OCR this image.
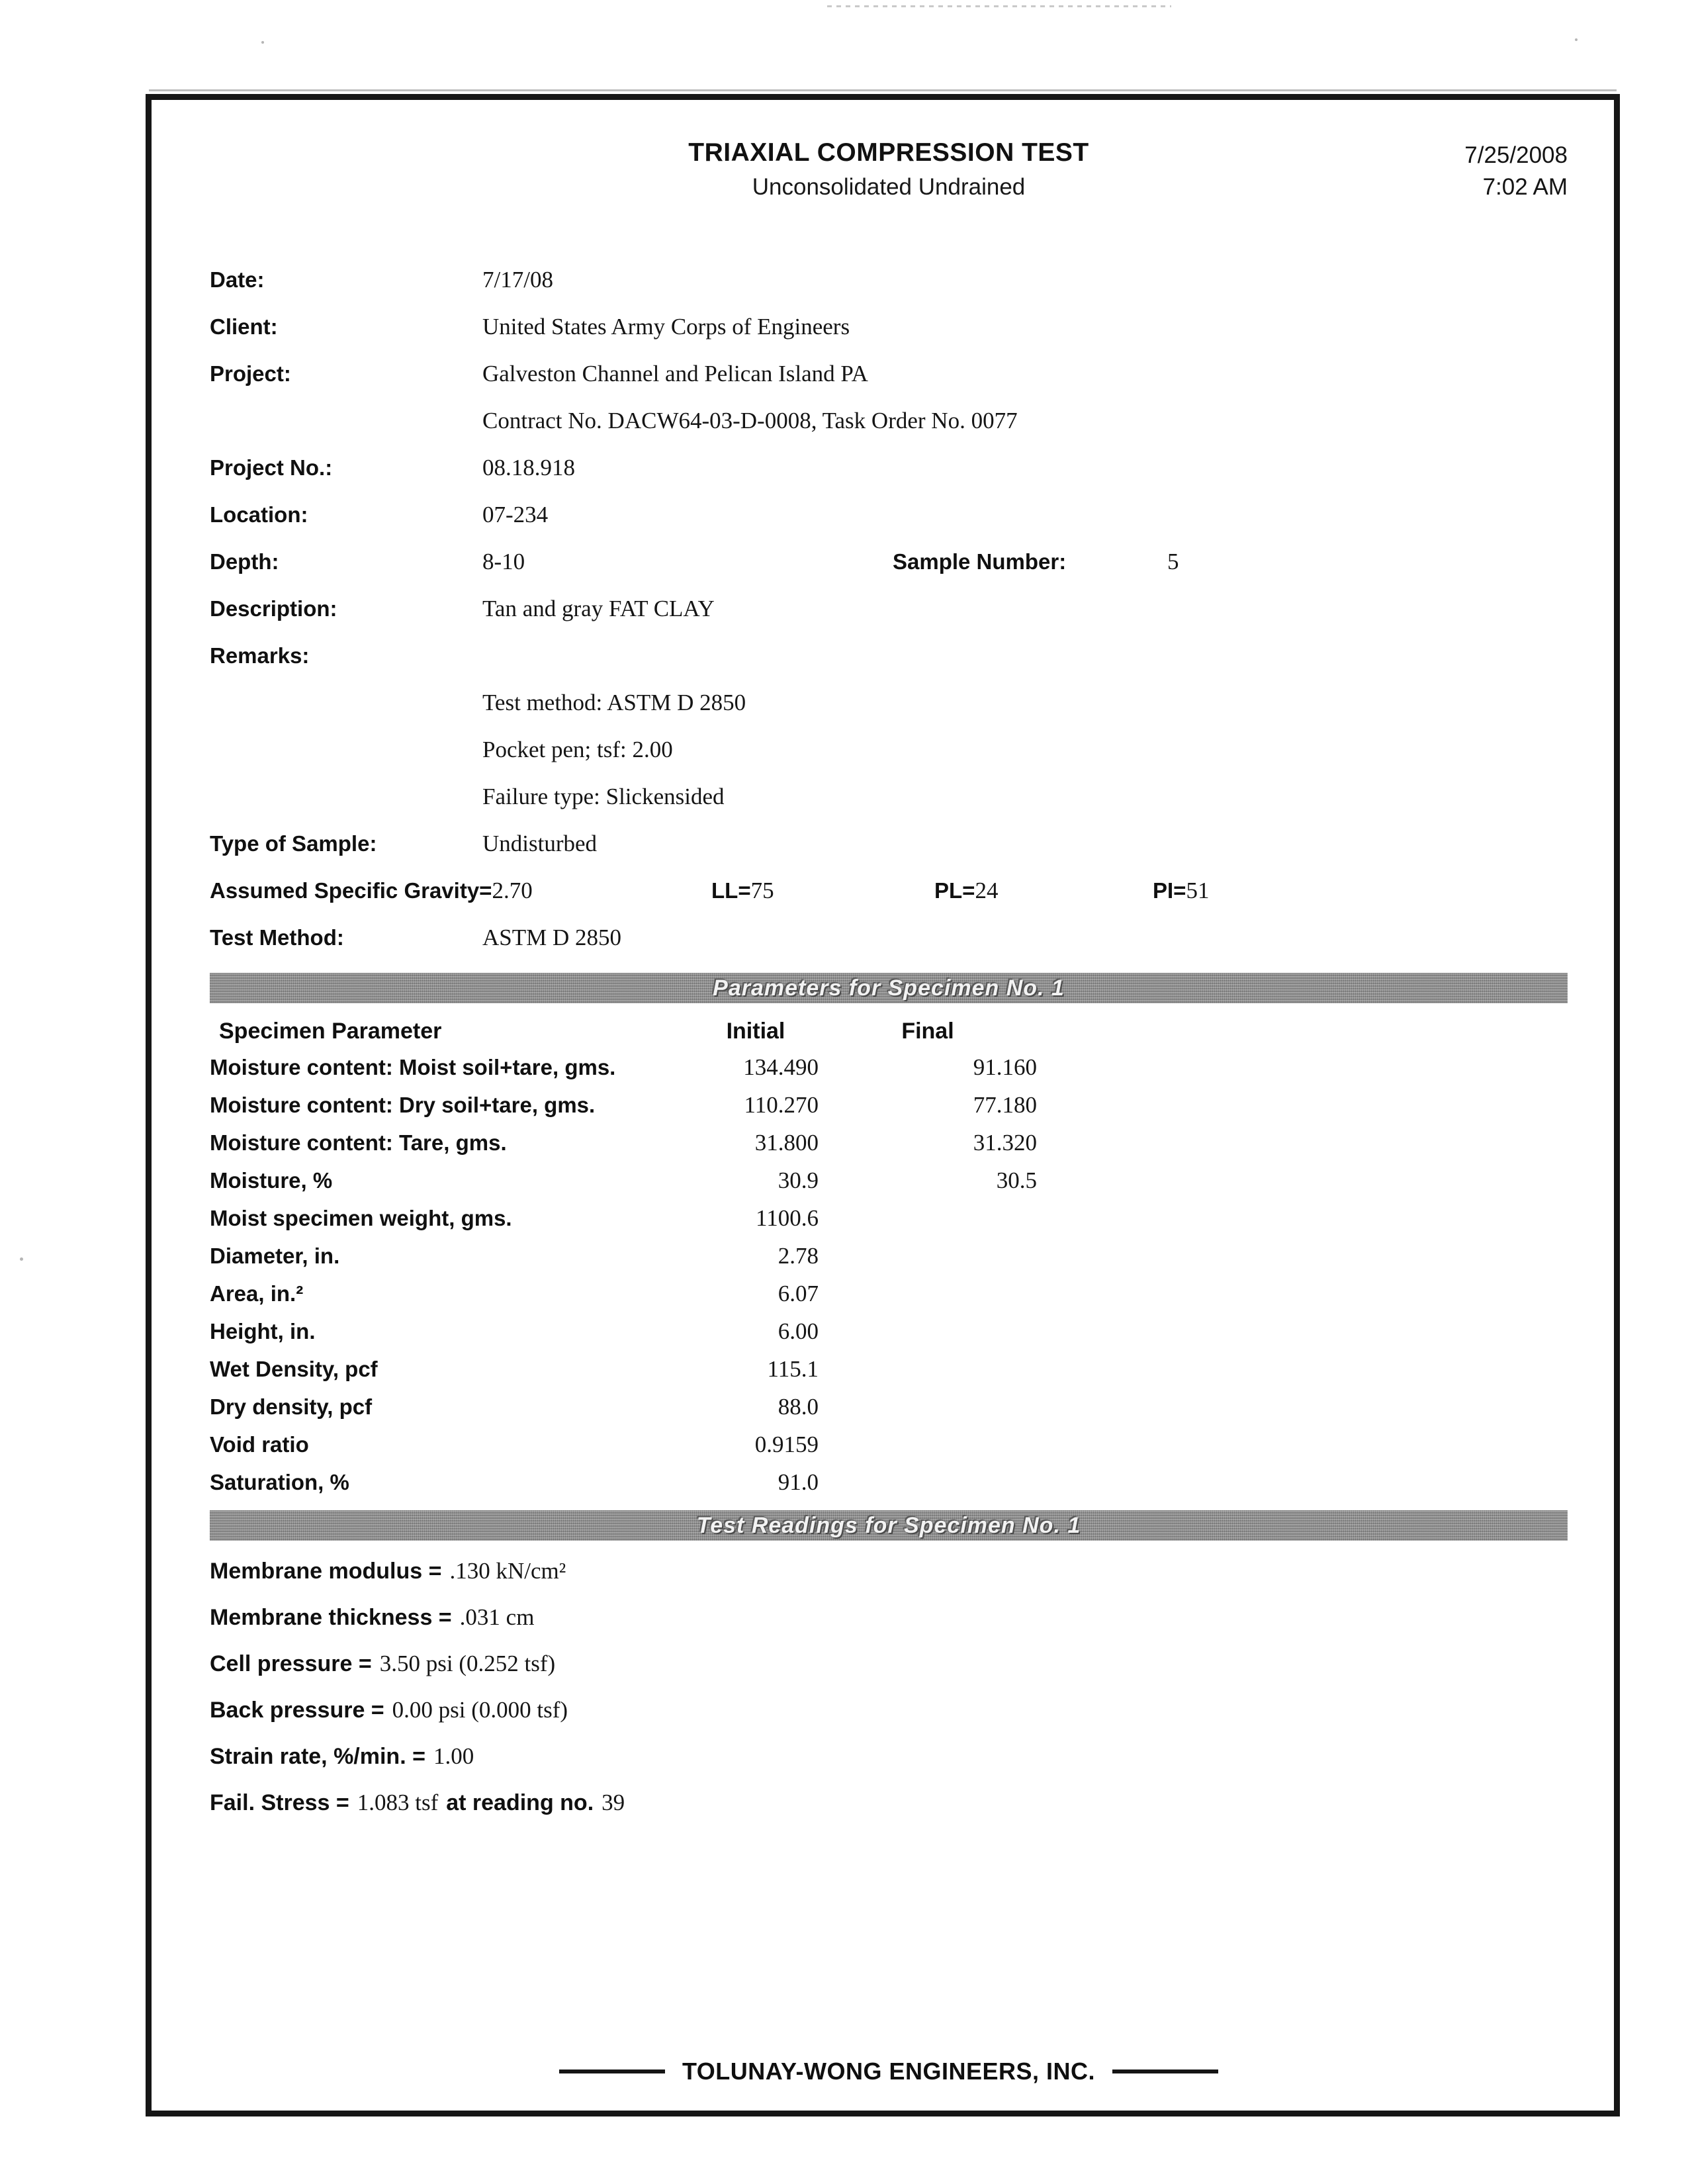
TRIAXIAL COMPRESSION TEST
Unconsolidated Undrained
7/25/2008
7:02 AM
Date:	7/17/08
Client:	United States Army Corps of Engineers
Project:	Galveston Channel and Pelican Island PA
Contract No. DACW64-03-D-0008, Task Order No. 0077
Project No.:	08.18.918
Location:	07-234
Depth:	8-10	Sample Number:	5
Description:	Tan and gray FAT CLAY
Remarks:
Test method: ASTM D 2850
Pocket pen; tsf: 2.00
Failure type: Slickensided
Type of Sample:	Undisturbed
Assumed Specific Gravity=2.70	LL=75	PL=24	PI=51
Test Method:	ASTM D 2850
Parameters for Specimen No. 1
Specimen Parameter	Initial	Final
Moisture content: Moist soil+tare, gms.	134.490	91.160
Moisture content: Dry soil+tare, gms.	110.270	77.180
Moisture content: Tare, gms.	31.800	31.320
Moisture, %	30.9	30.5
Moist specimen weight, gms.	1100.6
Diameter, in.	2.78
Area, in.²	6.07
Height, in.	6.00
Wet Density, pcf	115.1
Dry density, pcf	88.0
Void ratio	0.9159
Saturation, %	91.0
Test Readings for Specimen No. 1
Membrane modulus = .130 kN/cm²
Membrane thickness = .031 cm
Cell pressure = 3.50 psi (0.252 tsf)
Back pressure = 0.00 psi (0.000 tsf)
Strain rate, %/min. = 1.00
Fail. Stress = 1.083 tsf at reading no. 39
TOLUNAY-WONG ENGINEERS, INC.
